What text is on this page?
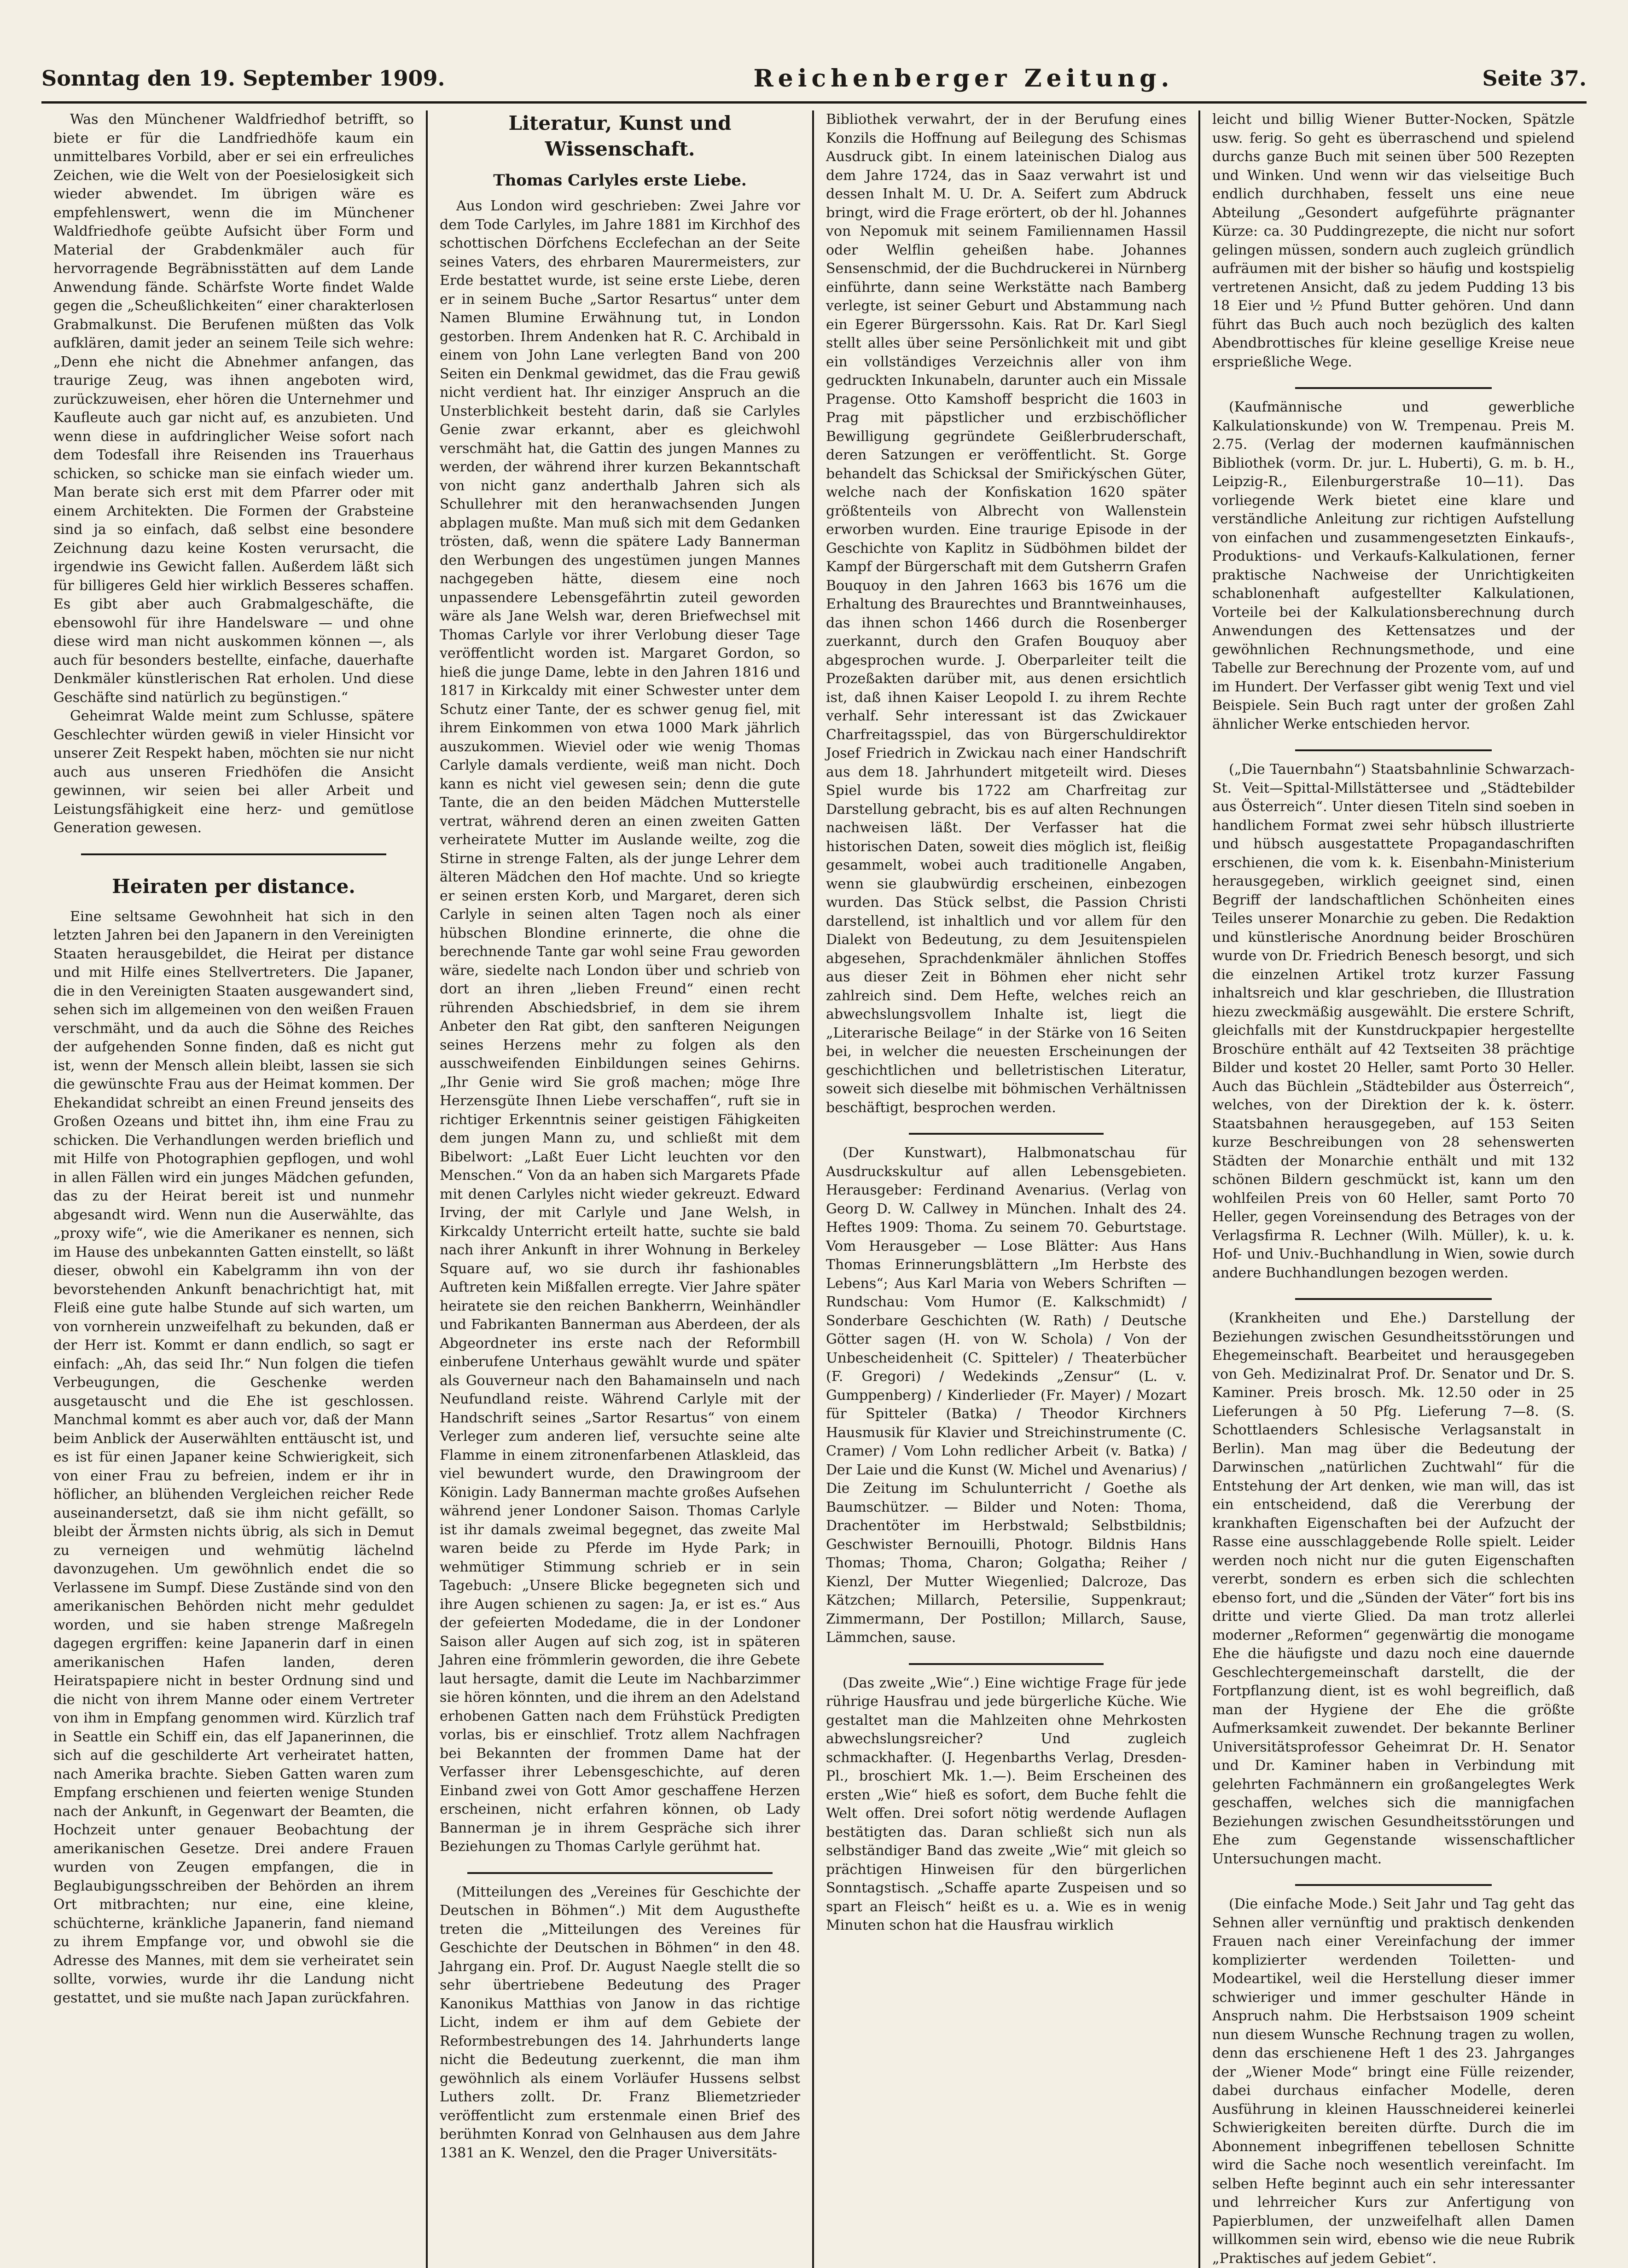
Sonntag den 19. September 1909.	Reichenberger Zeitung.	Seite 37.

Was den Münchener Waldfriedhof betrifft, so biete er für die Landfriedhöfe kaum ein unmittelbares Vorbild, aber er sei ein erfreuliches Zeichen, wie die Welt von der Poesielosigkeit sich wieder abwendet. Im übrigen wäre es empfehlenswert, wenn die im Münchener Waldfriedhofe geübte Aufsicht über Form und Material der Grabdenkmäler auch für hervorragende Begräbnisstätten auf dem Lande Anwendung fände. Schärfste Worte findet Walde gegen die „Scheußlichkeiten“ einer charakterlosen Grabmalkunst. Die Berufenen müßten das Volk aufklären, damit jeder an seinem Teile sich wehre: „Denn ehe nicht die Abnehmer anfangen, das traurige Zeug, was ihnen angeboten wird, zurückzuweisen, eher hören die Unternehmer und Kaufleute auch gar nicht auf, es anzubieten. Und wenn diese in aufdringlicher Weise sofort nach dem Todesfall ihre Reisenden ins Trauerhaus schicken, so schicke man sie einfach wieder um. Man berate sich erst mit dem Pfarrer oder mit einem Architekten. Die Formen der Grabsteine sind ja so einfach, daß selbst eine besondere Zeichnung dazu keine Kosten verursacht, die irgendwie ins Gewicht fallen. Außerdem läßt sich für billigeres Geld hier wirklich Besseres schaffen. Es gibt aber auch Grabmalgeschäfte, die ebensowohl für ihre Handelsware — und ohne diese wird man nicht auskommen können —, als auch für besonders bestellte, einfache, dauerhafte Denkmäler künstlerischen Rat erholen. Und diese Geschäfte sind natürlich zu begünstigen.“

Geheimrat Walde meint zum Schlusse, spätere Geschlechter würden gewiß in vieler Hinsicht vor unserer Zeit Respekt haben, möchten sie nur nicht auch aus unseren Friedhöfen die Ansicht gewinnen, wir seien bei aller Arbeit und Leistungsfähigkeit eine herz- und gemütlose Generation gewesen.

Heiraten per distance.

Eine seltsame Gewohnheit hat sich in den letzten Jahren bei den Japanern in den Vereinigten Staaten herausgebildet, die Heirat per distance und mit Hilfe eines Stellvertreters. Die Japaner, die in den Vereinigten Staaten ausgewandert sind, sehen sich im allgemeinen von den weißen Frauen verschmäht, und da auch die Söhne des Reiches der aufgehenden Sonne finden, daß es nicht gut ist, wenn der Mensch allein bleibt, lassen sie sich die gewünschte Frau aus der Heimat kommen. Der Ehekandidat schreibt an einen Freund jenseits des Großen Ozeans und bittet ihn, ihm eine Frau zu schicken. Die Verhandlungen werden brieflich und mit Hilfe von Photographien gepflogen, und wohl in allen Fällen wird ein junges Mädchen gefunden, das zu der Heirat bereit ist und nunmehr abgesandt wird. Wenn nun die Auserwählte, das „proxy wife“, wie die Amerikaner es nennen, sich im Hause des unbekannten Gatten einstellt, so läßt dieser, obwohl ein Kabelgramm ihn von der bevorstehenden Ankunft benachrichtigt hat, mit Fleiß eine gute halbe Stunde auf sich warten, um von vornherein unzweifelhaft zu bekunden, daß er der Herr ist. Kommt er dann endlich, so sagt er einfach: „Ah, das seid Ihr.“ Nun folgen die tiefen Verbeugungen, die Geschenke werden ausgetauscht und die Ehe ist geschlossen. Manchmal kommt es aber auch vor, daß der Mann beim Anblick der Auserwählten enttäuscht ist, und es ist für einen Japaner keine Schwierigkeit, sich von einer Frau zu befreien, indem er ihr in höflicher, an blühenden Vergleichen reicher Rede auseinandersetzt, daß sie ihm nicht gefällt, so bleibt der Ärmsten nichts übrig, als sich in Demut zu verneigen und wehmütig lächelnd davonzugehen. Um gewöhnlich endet die so Verlassene im Sumpf. Diese Zustände sind von den amerikanischen Behörden nicht mehr geduldet worden, und sie haben strenge Maßregeln dagegen ergriffen: keine Japanerin darf in einen amerikanischen Hafen landen, deren Heiratspapiere nicht in bester Ordnung sind und die nicht von ihrem Manne oder einem Vertreter von ihm in Empfang genommen wird. Kürzlich traf in Seattle ein Schiff ein, das elf Japanerinnen, die sich auf die geschilderte Art verheiratet hatten, nach Amerika brachte. Sieben Gatten waren zum Empfang erschienen und feierten wenige Stunden nach der Ankunft, in Gegenwart der Beamten, die Hochzeit unter genauer Beobachtung der amerikanischen Gesetze. Drei andere Frauen wurden von Zeugen empfangen, die in Beglaubigungsschreiben der Behörden an ihrem Ort mitbrachten; nur eine, eine kleine, schüchterne, kränkliche Japanerin, fand niemand zu ihrem Empfange vor, und obwohl sie die Adresse des Mannes, mit dem sie verheiratet sein sollte, vorwies, wurde ihr die Landung nicht gestattet, und sie mußte nach Japan zurückfahren.

Literatur, Kunst und Wissenschaft.
Thomas Carlyles erste Liebe.

Aus London wird geschrieben: Zwei Jahre vor dem Tode Carlyles, im Jahre 1881 im Kirchhof des schottischen Dörfchens Ecclefechan an der Seite seines Vaters, des ehrbaren Maurermeisters, zur Erde bestattet wurde, ist seine erste Liebe, deren er in seinem Buche „Sartor Resartus“ unter dem Namen Blumine Erwähnung tut, in London gestorben. Ihrem Andenken hat R. C. Archibald in einem von John Lane verlegten Band von 200 Seiten ein Denkmal gewidmet, das die Frau gewiß nicht verdient hat. Ihr einziger Anspruch an die Unsterblichkeit besteht darin, daß sie Carlyles Genie zwar erkannt, aber es gleichwohl verschmäht hat, die Gattin des jungen Mannes zu werden, der während ihrer kurzen Bekanntschaft von nicht ganz anderthalb Jahren sich als Schullehrer mit den heranwachsenden Jungen abplagen mußte. Man muß sich mit dem Gedanken trösten, daß, wenn die spätere Lady Bannerman den Werbungen des ungestümen jungen Mannes nachgegeben hätte, diesem eine noch unpassendere Lebensgefährtin zuteil geworden wäre als Jane Welsh war, deren Briefwechsel mit Thomas Carlyle vor ihrer Verlobung dieser Tage veröffentlicht worden ist. Margaret Gordon, so hieß die junge Dame, lebte in den Jahren 1816 und 1817 in Kirkcaldy mit einer Schwester unter dem Schutz einer Tante, der es schwer genug fiel, mit ihrem Einkommen von etwa 1000 Mark jährlich auszukommen. Wieviel oder wie wenig Thomas Carlyle damals verdiente, weiß man nicht. Doch kann es nicht viel gewesen sein; denn die gute Tante, die an den beiden Mädchen Mutterstelle vertrat, während deren an einen zweiten Gatten verheiratete Mutter im Auslande weilte, zog die Stirne in strenge Falten, als der junge Lehrer dem älteren Mädchen den Hof machte. Und so kriegte er seinen ersten Korb, und Margaret, deren sich Carlyle in seinen alten Tagen noch als einer hübschen Blondine erinnerte, die ohne die berechnende Tante gar wohl seine Frau geworden wäre, siedelte nach London über und schrieb von dort an ihren „lieben Freund“ einen recht rührenden Abschiedsbrief, in dem sie ihrem Anbeter den Rat gibt, den sanfteren Neigungen seines Herzens mehr zu folgen als den ausschweifenden Einbildungen seines Gehirns. „Ihr Genie wird Sie groß machen; möge Ihre Herzensgüte Ihnen Liebe verschaffen“, ruft sie in richtiger Erkenntnis seiner geistigen Fähigkeiten dem jungen Mann zu, und schließt mit dem Bibelwort: „Laßt Euer Licht leuchten vor den Menschen.“ Von da an haben sich Margarets Pfade mit denen Carlyles nicht wieder gekreuzt. Edward Irving, der mit Carlyle und Jane Welsh, in Kirkcaldy Unterricht erteilt hatte, suchte sie bald nach ihrer Ankunft in ihrer Wohnung in Berkeley Square auf, wo sie durch ihr fashionables Auftreten kein Mißfallen erregte. Vier Jahre später heiratete sie den reichen Bankherrn, Weinhändler und Fabrikanten Bannerman aus Aberdeen, der als Abgeordneter ins erste nach der Reformbill einberufene Unterhaus gewählt wurde und später als Gouverneur nach den Bahamainseln und nach Neufundland reiste. Während Carlyle mit der Handschrift seines „Sartor Resartus“ von einem Verleger zum anderen lief, versuchte seine alte Flamme in einem zitronenfarbenen Atlaskleid, das viel bewundert wurde, den Drawingroom der Königin. Lady Bannerman machte großes Aufsehen während jener Londoner Saison. Thomas Carlyle ist ihr damals zweimal begegnet, das zweite Mal waren beide zu Pferde im Hyde Park; in wehmütiger Stimmung schrieb er in sein Tagebuch: „Unsere Blicke begegneten sich und ihre Augen schienen zu sagen: Ja, er ist es.“ Aus der gefeierten Modedame, die in der Londoner Saison aller Augen auf sich zog, ist in späteren Jahren eine frömmlerin geworden, die ihre Gebete laut hersagte, damit die Leute im Nachbarzimmer sie hören könnten, und die ihrem an den Adelstand erhobenen Gatten nach dem Frühstück Predigten vorlas, bis er einschlief. Trotz allem Nachfragen bei Bekannten der frommen Dame hat der Verfasser ihrer Lebensgeschichte, auf deren Einband zwei von Gott Amor geschaffene Herzen erscheinen, nicht erfahren können, ob Lady Bannerman je in ihrem Gespräche sich ihrer Beziehungen zu Thomas Carlyle gerühmt hat.

(Mitteilungen des „Vereines für Geschichte der Deutschen in Böhmen“.) Mit dem Augusthefte treten die „Mitteilungen des Vereines für Geschichte der Deutschen in Böhmen“ in den 48. Jahrgang ein. Prof. Dr. August Naegle stellt die so sehr übertriebene Bedeutung des Prager Kanonikus Matthias von Janow in das richtige Licht, indem er ihm auf dem Gebiete der Reformbestrebungen des 14. Jahrhunderts lange nicht die Bedeutung zuerkennt, die man ihm gewöhnlich als einem Vorläufer Hussens selbst Luthers zollt. Dr. Franz Bliemetzrieder veröffentlicht zum erstenmale einen Brief des berühmten Konrad von Gelnhausen aus dem Jahre 1381 an K. Wenzel, den die Prager Universitäts-

Bibliothek verwahrt, der in der Berufung eines Konzils die Hoffnung auf Beilegung des Schismas Ausdruck gibt. In einem lateinischen Dialog aus dem Jahre 1724, das in Saaz verwahrt ist und dessen Inhalt M. U. Dr. A. Seifert zum Abdruck bringt, wird die Frage erörtert, ob der hl. Johannes von Nepomuk mit seinem Familiennamen Hassil oder Welflin geheißen habe. Johannes Sensenschmid, der die Buchdruckerei in Nürnberg einführte, dann seine Werkstätte nach Bamberg verlegte, ist seiner Geburt und Abstammung nach ein Egerer Bürgerssohn. Kais. Rat Dr. Karl Siegl stellt alles über seine Persönlichkeit mit und gibt ein vollständiges Verzeichnis aller von ihm gedruckten Inkunabeln, darunter auch ein Missale Pragense. Otto Kamshoff bespricht die 1603 in Prag mit päpstlicher und erzbischöflicher Bewilligung gegründete Geißlerbruderschaft, deren Satzungen er veröffentlicht. St. Gorge behandelt das Schicksal der Smiřickýschen Güter, welche nach der Konfiskation 1620 später größtenteils von Albrecht von Wallenstein erworben wurden. Eine traurige Episode in der Geschichte von Kaplitz in Südböhmen bildet der Kampf der Bürgerschaft mit dem Gutsherrn Grafen Bouquoy in den Jahren 1663 bis 1676 um die Erhaltung des Braurechtes und Branntweinhauses, das ihnen schon 1466 durch die Rosenberger zuerkannt, durch den Grafen Bouquoy aber abgesprochen wurde. J. Oberparleiter teilt die Prozeßakten darüber mit, aus denen ersichtlich ist, daß ihnen Kaiser Leopold I. zu ihrem Rechte verhalf. Sehr interessant ist das Zwickauer Charfreitagsspiel, das von Bürgerschuldirektor Josef Friedrich in Zwickau nach einer Handschrift aus dem 18. Jahrhundert mitgeteilt wird. Dieses Spiel wurde bis 1722 am Charfreitag zur Darstellung gebracht, bis es auf alten Rechnungen nachweisen läßt. Der Verfasser hat die historischen Daten, soweit dies möglich ist, fleißig gesammelt, wobei auch traditionelle Angaben, wenn sie glaubwürdig erscheinen, einbezogen wurden. Das Stück selbst, die Passion Christi darstellend, ist inhaltlich und vor allem für den Dialekt von Bedeutung, zu dem Jesuitenspielen abgesehen, Sprachdenkmäler ähnlichen Stoffes aus dieser Zeit in Böhmen eher nicht sehr zahlreich sind. Dem Hefte, welches reich an abwechslungsvollem Inhalte ist, liegt die „Literarische Beilage“ in der Stärke von 16 Seiten bei, in welcher die neuesten Erscheinungen der geschichtlichen und belletristischen Literatur, soweit sich dieselbe mit böhmischen Verhältnissen beschäftigt, besprochen werden.

(Der Kunstwart), Halbmonatschau für Ausdruckskultur auf allen Lebensgebieten. Herausgeber: Ferdinand Avenarius. (Verlag von Georg D. W. Callwey in München. Inhalt des 24. Heftes 1909: Thoma. Zu seinem 70. Geburtstage. Vom Herausgeber — Lose Blätter: Aus Hans Thomas Erinnerungsblättern „Im Herbste des Lebens“; Aus Karl Maria von Webers Schriften — Rundschau: Vom Humor (E. Kalkschmidt) / Sonderbare Geschichten (W. Rath) / Deutsche Götter sagen (H. von W. Schola) / Von der Unbescheidenheit (C. Spitteler) / Theaterbücher (F. Gregori) / Wedekinds „Zensur“ (L. v. Gumppenberg) / Kinderlieder (Fr. Mayer) / Mozart für Spitteler (Batka) / Theodor Kirchners Hausmusik für Klavier und Streichinstrumente (C. Cramer) / Vom Lohn redlicher Arbeit (v. Batka) / Der Laie und die Kunst (W. Michel und Avenarius) / Die Zeitung im Schulunterricht / Goethe als Baumschützer. — Bilder und Noten: Thoma, Drachentöter im Herbstwald; Selbstbildnis; Geschwister Bernouilli, Photogr. Bildnis Hans Thomas; Thoma, Charon; Golgatha; Reiher / Kienzl, Der Mutter Wiegenlied; Dalcroze, Das Kätzchen; Millarch, Petersilie, Suppenkraut; Zimmermann, Der Postillon; Millarch, Sause, Lämmchen, sause.

(Das zweite „Wie“.) Eine wichtige Frage für jede rührige Hausfrau und jede bürgerliche Küche. Wie gestaltet man die Mahlzeiten ohne Mehrkosten abwechslungsreicher? Und zugleich schmackhafter. (J. Hegenbarths Verlag, Dresden-Pl., broschiert Mk. 1.—). Beim Erscheinen des ersten „Wie“ hieß es sofort, dem Buche fehlt die Welt offen. Drei sofort nötig werdende Auflagen bestätigten das. Daran schließt sich nun als selbständiger Band das zweite „Wie“ mit gleich so prächtigen Hinweisen für den bürgerlichen Sonntagstisch. „Schaffe aparte Zuspeisen und so spart an Fleisch“ heißt es u. a. Wie es in wenig Minuten schon hat die Hausfrau wirklich

leicht und billig Wiener Butter-Nocken, Spätzle usw. ferig. So geht es überraschend und spielend durchs ganze Buch mit seinen über 500 Rezepten und Winken. Und wenn wir das vielseitige Buch endlich durchhaben, fesselt uns eine neue Abteilung „Gesondert aufgeführte prägnanter Kürze: ca. 30 Puddingrezepte, die nicht nur sofort gelingen müssen, sondern auch zugleich gründlich aufräumen mit der bisher so häufig und kostspielig vertretenen Ansicht, daß zu jedem Pudding 13 bis 18 Eier und ½ Pfund Butter gehören. Und dann führt das Buch auch noch bezüglich des kalten Abendbrottisches für kleine gesellige Kreise neue ersprießliche Wege.

(Kaufmännische und gewerbliche Kalkulationskunde) von W. Trempenau. Preis M. 2.75. (Verlag der modernen kaufmännischen Bibliothek (vorm. Dr. jur. L. Huberti), G. m. b. H., Leipzig-R., Eilenburgerstraße 10—11). Das vorliegende Werk bietet eine klare und verständliche Anleitung zur richtigen Aufstellung von einfachen und zusammengesetzten Einkaufs-, Produktions- und Verkaufs-Kalkulationen, ferner praktische Nachweise der Unrichtigkeiten schablonenhaft aufgestellter Kalkulationen, Vorteile bei der Kalkulationsberechnung durch Anwendungen des Kettensatzes und der gewöhnlichen Rechnungsmethode, und eine Tabelle zur Berechnung der Prozente vom, auf und im Hundert. Der Verfasser gibt wenig Text und viel Beispiele. Sein Buch ragt unter der großen Zahl ähnlicher Werke entschieden hervor.

(„Die Tauernbahn“) Staatsbahnlinie Schwarzach-St. Veit—Spittal-Millstättersee und „Städtebilder aus Österreich“. Unter diesen Titeln sind soeben in handlichem Format zwei sehr hübsch illustrierte und hübsch ausgestattete Propagandaschriften erschienen, die vom k. k. Eisenbahn-Ministerium herausgegeben, wirklich geeignet sind, einen Begriff der landschaftlichen Schönheiten eines Teiles unserer Monarchie zu geben. Die Redaktion und künstlerische Anordnung beider Broschüren wurde von Dr. Friedrich Benesch besorgt, und sich die einzelnen Artikel trotz kurzer Fassung inhaltsreich und klar geschrieben, die Illustration hiezu zweckmäßig ausgewählt. Die erstere Schrift, gleichfalls mit der Kunstdruckpapier hergestellte Broschüre enthält auf 42 Textseiten 38 prächtige Bilder und kostet 20 Heller, samt Porto 30 Heller. Auch das Büchlein „Städtebilder aus Österreich“, welches, von der Direktion der k. k. österr. Staatsbahnen herausgegeben, auf 153 Seiten kurze Beschreibungen von 28 sehenswerten Städten der Monarchie enthält und mit 132 schönen Bildern geschmückt ist, kann um den wohlfeilen Preis von 60 Heller, samt Porto 70 Heller, gegen Voreinsendung des Betrages von der Verlagsfirma R. Lechner (Wilh. Müller), k. u. k. Hof- und Univ.-Buchhandlung in Wien, sowie durch andere Buchhandlungen bezogen werden.

(Krankheiten und Ehe.) Darstellung der Beziehungen zwischen Gesundheitsstörungen und Ehegemeinschaft. Bearbeitet und herausgegeben von Geh. Medizinalrat Prof. Dr. Senator und Dr. S. Kaminer. Preis brosch. Mk. 12.50 oder in 25 Lieferungen à 50 Pfg. Lieferung 7—8. (S. Schottlaenders Schlesische Verlagsanstalt in Berlin). Man mag über die Bedeutung der Darwinschen „natürlichen Zuchtwahl“ für die Entstehung der Art denken, wie man will, das ist ein entscheidend, daß die Vererbung der krankhaften Eigenschaften bei der Aufzucht der Rasse eine ausschlaggebende Rolle spielt. Leider werden noch nicht nur die guten Eigenschaften vererbt, sondern es erben sich die schlechten ebenso fort, und die „Sünden der Väter“ fort bis ins dritte und vierte Glied. Da man trotz allerlei moderner „Reformen“ gegenwärtig die monogame Ehe die häufigste und dazu noch eine dauernde Geschlechtergemeinschaft darstellt, die der Fortpflanzung dient, ist es wohl begreiflich, daß man der Hygiene der Ehe die größte Aufmerksamkeit zuwendet. Der bekannte Berliner Universitätsprofessor Geheimrat Dr. H. Senator und Dr. Kaminer haben in Verbindung mit gelehrten Fachmännern ein großangelegtes Werk geschaffen, welches sich die mannigfachen Beziehungen zwischen Gesundheitsstörungen und Ehe zum Gegenstande wissenschaftlicher Untersuchungen macht.

(Die einfache Mode.) Seit Jahr und Tag geht das Sehnen aller vernünftig und praktisch denkenden Frauen nach einer Vereinfachung der immer komplizierter werdenden Toiletten- und Modeartikel, weil die Herstellung dieser immer schwieriger und immer geschulter Hände in Anspruch nahm. Die Herbstsaison 1909 scheint nun diesem Wunsche Rechnung tragen zu wollen, denn das erschienene Heft 1 des 23. Jahrganges der „Wiener Mode“ bringt eine Fülle reizender, dabei durchaus einfacher Modelle, deren Ausführung in kleinen Hausschneiderei keinerlei Schwierigkeiten bereiten dürfte. Durch die im Abonnement inbegriffenen tebellosen Schnitte wird die Sache noch wesentlich vereinfacht. Im selben Hefte beginnt auch ein sehr interessanter und lehrreicher Kurs zur Anfertigung von Papierblumen, der unzweifelhaft allen Damen willkommen sein wird, ebenso wie die neue Rubrik „Praktisches auf jedem Gebiet“.
